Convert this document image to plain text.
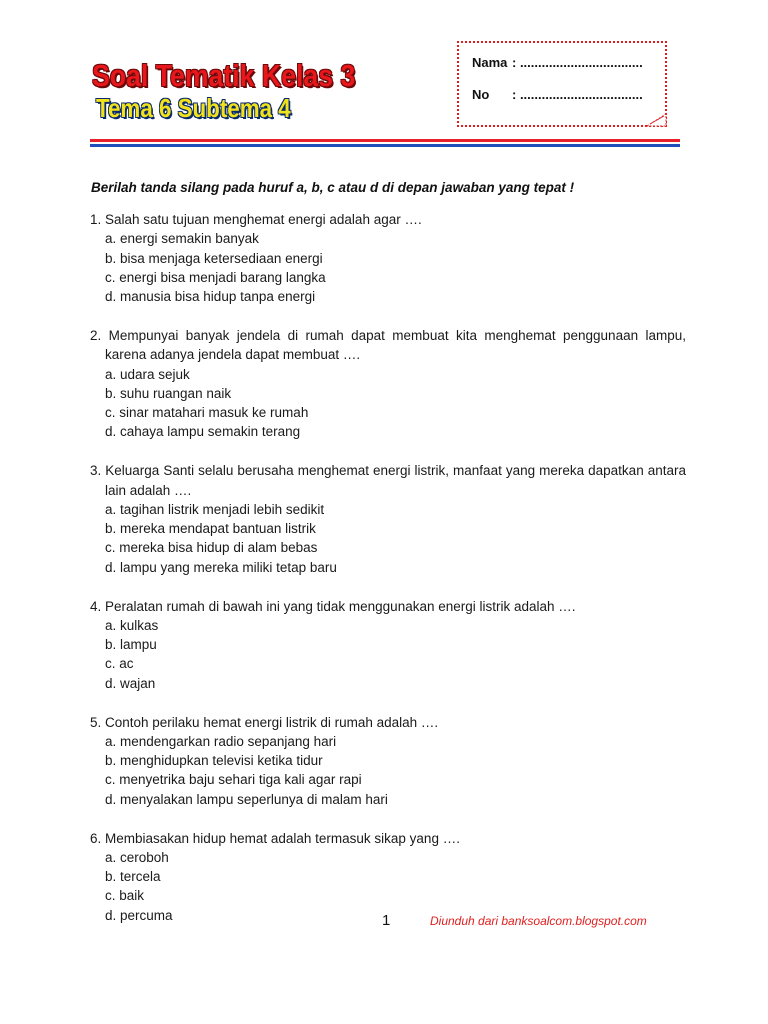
Soal Tematik Kelas 3
Tema 6 Subtema 4
Nama : ..................................
No : ..................................
Berilah tanda silang pada huruf a, b, c atau d di depan jawaban yang tepat !
1. Salah satu tujuan menghemat energi adalah agar ….
a. energi semakin banyak
b. bisa menjaga ketersediaan energi
c. energi bisa menjadi barang langka
d. manusia bisa hidup tanpa energi
2. Mempunyai banyak jendela di rumah dapat membuat kita menghemat penggunaan lampu, karena adanya jendela dapat membuat ….
a. udara sejuk
b. suhu ruangan naik
c. sinar matahari masuk ke rumah
d. cahaya lampu semakin terang
3. Keluarga Santi selalu berusaha menghemat energi listrik, manfaat yang mereka dapatkan antara lain adalah ….
a. tagihan listrik menjadi lebih sedikit
b. mereka mendapat bantuan listrik
c. mereka bisa hidup di alam bebas
d. lampu yang mereka miliki tetap baru
4. Peralatan rumah di bawah ini yang tidak menggunakan energi listrik adalah ….
a. kulkas
b. lampu
c. ac
d. wajan
5. Contoh perilaku hemat energi listrik di rumah adalah ….
a. mendengarkan radio sepanjang hari
b. menghidupkan televisi ketika tidur
c. menyetrika baju sehari tiga kali agar rapi
d. menyalakan lampu seperlunya di malam hari
6. Membiasakan hidup hemat adalah termasuk sikap yang ….
a. ceroboh
b. tercela
c. baik
d. percuma	1	Diunduh dari banksoalcom.blogspot.com
